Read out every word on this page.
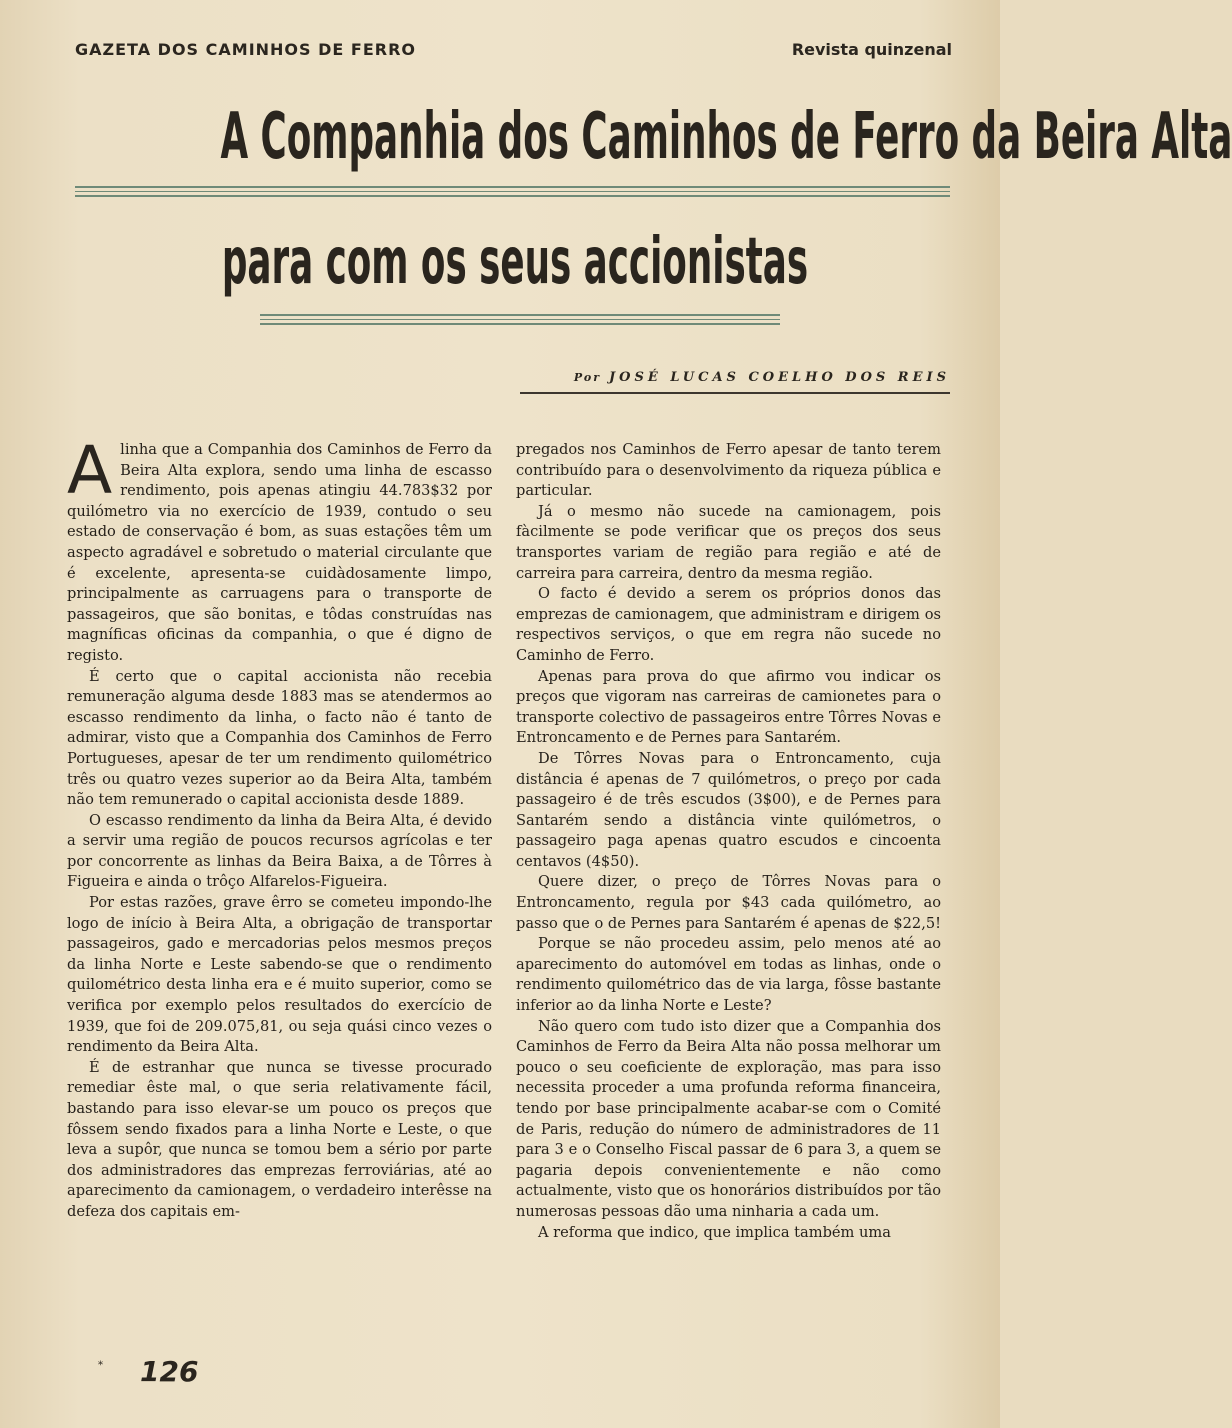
GAZETA DOS CAMINHOS DE FERRO	Revista quinzenal
A Companhia dos Caminhos de Ferro da Beira Alta
para com os seus accionistas
Por JOSÉ LUCAS COELHO DOS REIS

Alinha que a Companhia dos Caminhos de Ferro da Beira Alta explora, sendo uma linha de escasso rendimento, pois apenas atingiu 44.783$32 por quilómetro via no exercício de 1939, contudo o seu estado de conservação é bom, as suas estações têm um aspecto agradável e sobretudo o material circulante que é excelente, apresenta-se cuidàdosamente limpo, principalmente as carruagens para o transporte de passageiros, que são bonitas, e tôdas construídas nas magníficas oficinas da companhia, o que é digno de registo.

É certo que o capital accionista não recebia remuneração alguma desde 1883 mas se atendermos ao escasso rendimento da linha, o facto não é tanto de admirar, visto que a Companhia dos Caminhos de Ferro Portugueses, apesar de ter um rendimento quilométrico três ou quatro vezes superior ao da Beira Alta, também não tem remunerado o capital accionista desde 1889.

O escasso rendimento da linha da Beira Alta, é devido a servir uma região de poucos recursos agrícolas e ter por concorrente as linhas da Beira Baixa, a de Tôrres à Figueira e ainda o trôço Alfarelos-Figueira.

Por estas razões, grave êrro se cometeu impondo-lhe logo de início à Beira Alta, a obrigação de transportar passageiros, gado e mercadorias pelos mesmos preços da linha Norte e Leste sabendo-se que o rendimento quilométrico desta linha era e é muito superior, como se verifica por exemplo pelos resultados do exercício de 1939, que foi de 209.075,81, ou seja quási cinco vezes o rendimento da Beira Alta.

É de estranhar que nunca se tivesse procurado remediar êste mal, o que seria relativamente fácil, bastando para isso elevar-se um pouco os preços que fôssem sendo fixados para a linha Norte e Leste, o que leva a supôr, que nunca se tomou bem a sério por parte dos administradores das emprezas ferroviárias, até ao aparecimento da camionagem, o verdadeiro interêsse na defeza dos capitais em-

pregados nos Caminhos de Ferro apesar de tanto terem contribuído para o desenvolvimento da riqueza pública e particular.

Já o mesmo não sucede na camionagem, pois fàcilmente se pode verificar que os preços dos seus transportes variam de região para região e até de carreira para carreira, dentro da mesma região.

O facto é devido a serem os próprios donos das emprezas de camionagem, que administram e dirigem os respectivos serviços, o que em regra não sucede no Caminho de Ferro.

Apenas para prova do que afirmo vou indicar os preços que vigoram nas carreiras de camionetes para o transporte colectivo de passageiros entre Tôrres Novas e Entroncamento e de Pernes para Santarém.

De Tôrres Novas para o Entroncamento, cuja distância é apenas de 7 quilómetros, o preço por cada passageiro é de três escudos (3$00), e de Pernes para Santarém sendo a distância vinte quilómetros, o passageiro paga apenas quatro escudos e cincoenta centavos (4$50).

Quere dizer, o preço de Tôrres Novas para o Entroncamento, regula por $43 cada quilómetro, ao passo que o de Pernes para Santarém é apenas de $22,5!

Porque se não procedeu assim, pelo menos até ao aparecimento do automóvel em todas as linhas, onde o rendimento quilométrico das de via larga, fôsse bastante inferior ao da linha Norte e Leste?

Não quero com tudo isto dizer que a Companhia dos Caminhos de Ferro da Beira Alta não possa melhorar um pouco o seu coeficiente de exploração, mas para isso necessita proceder a uma profunda reforma financeira, tendo por base principalmente acabar-se com o Comité de Paris, redução do número de administradores de 11 para 3 e o Conselho Fiscal passar de 6 para 3, a quem se pagaria depois convenientemente e não como actualmente, visto que os honorários distribuídos por tão numerosas pessoas dão uma ninharia a cada um.

A reforma que indico, que implica também uma

* 126
